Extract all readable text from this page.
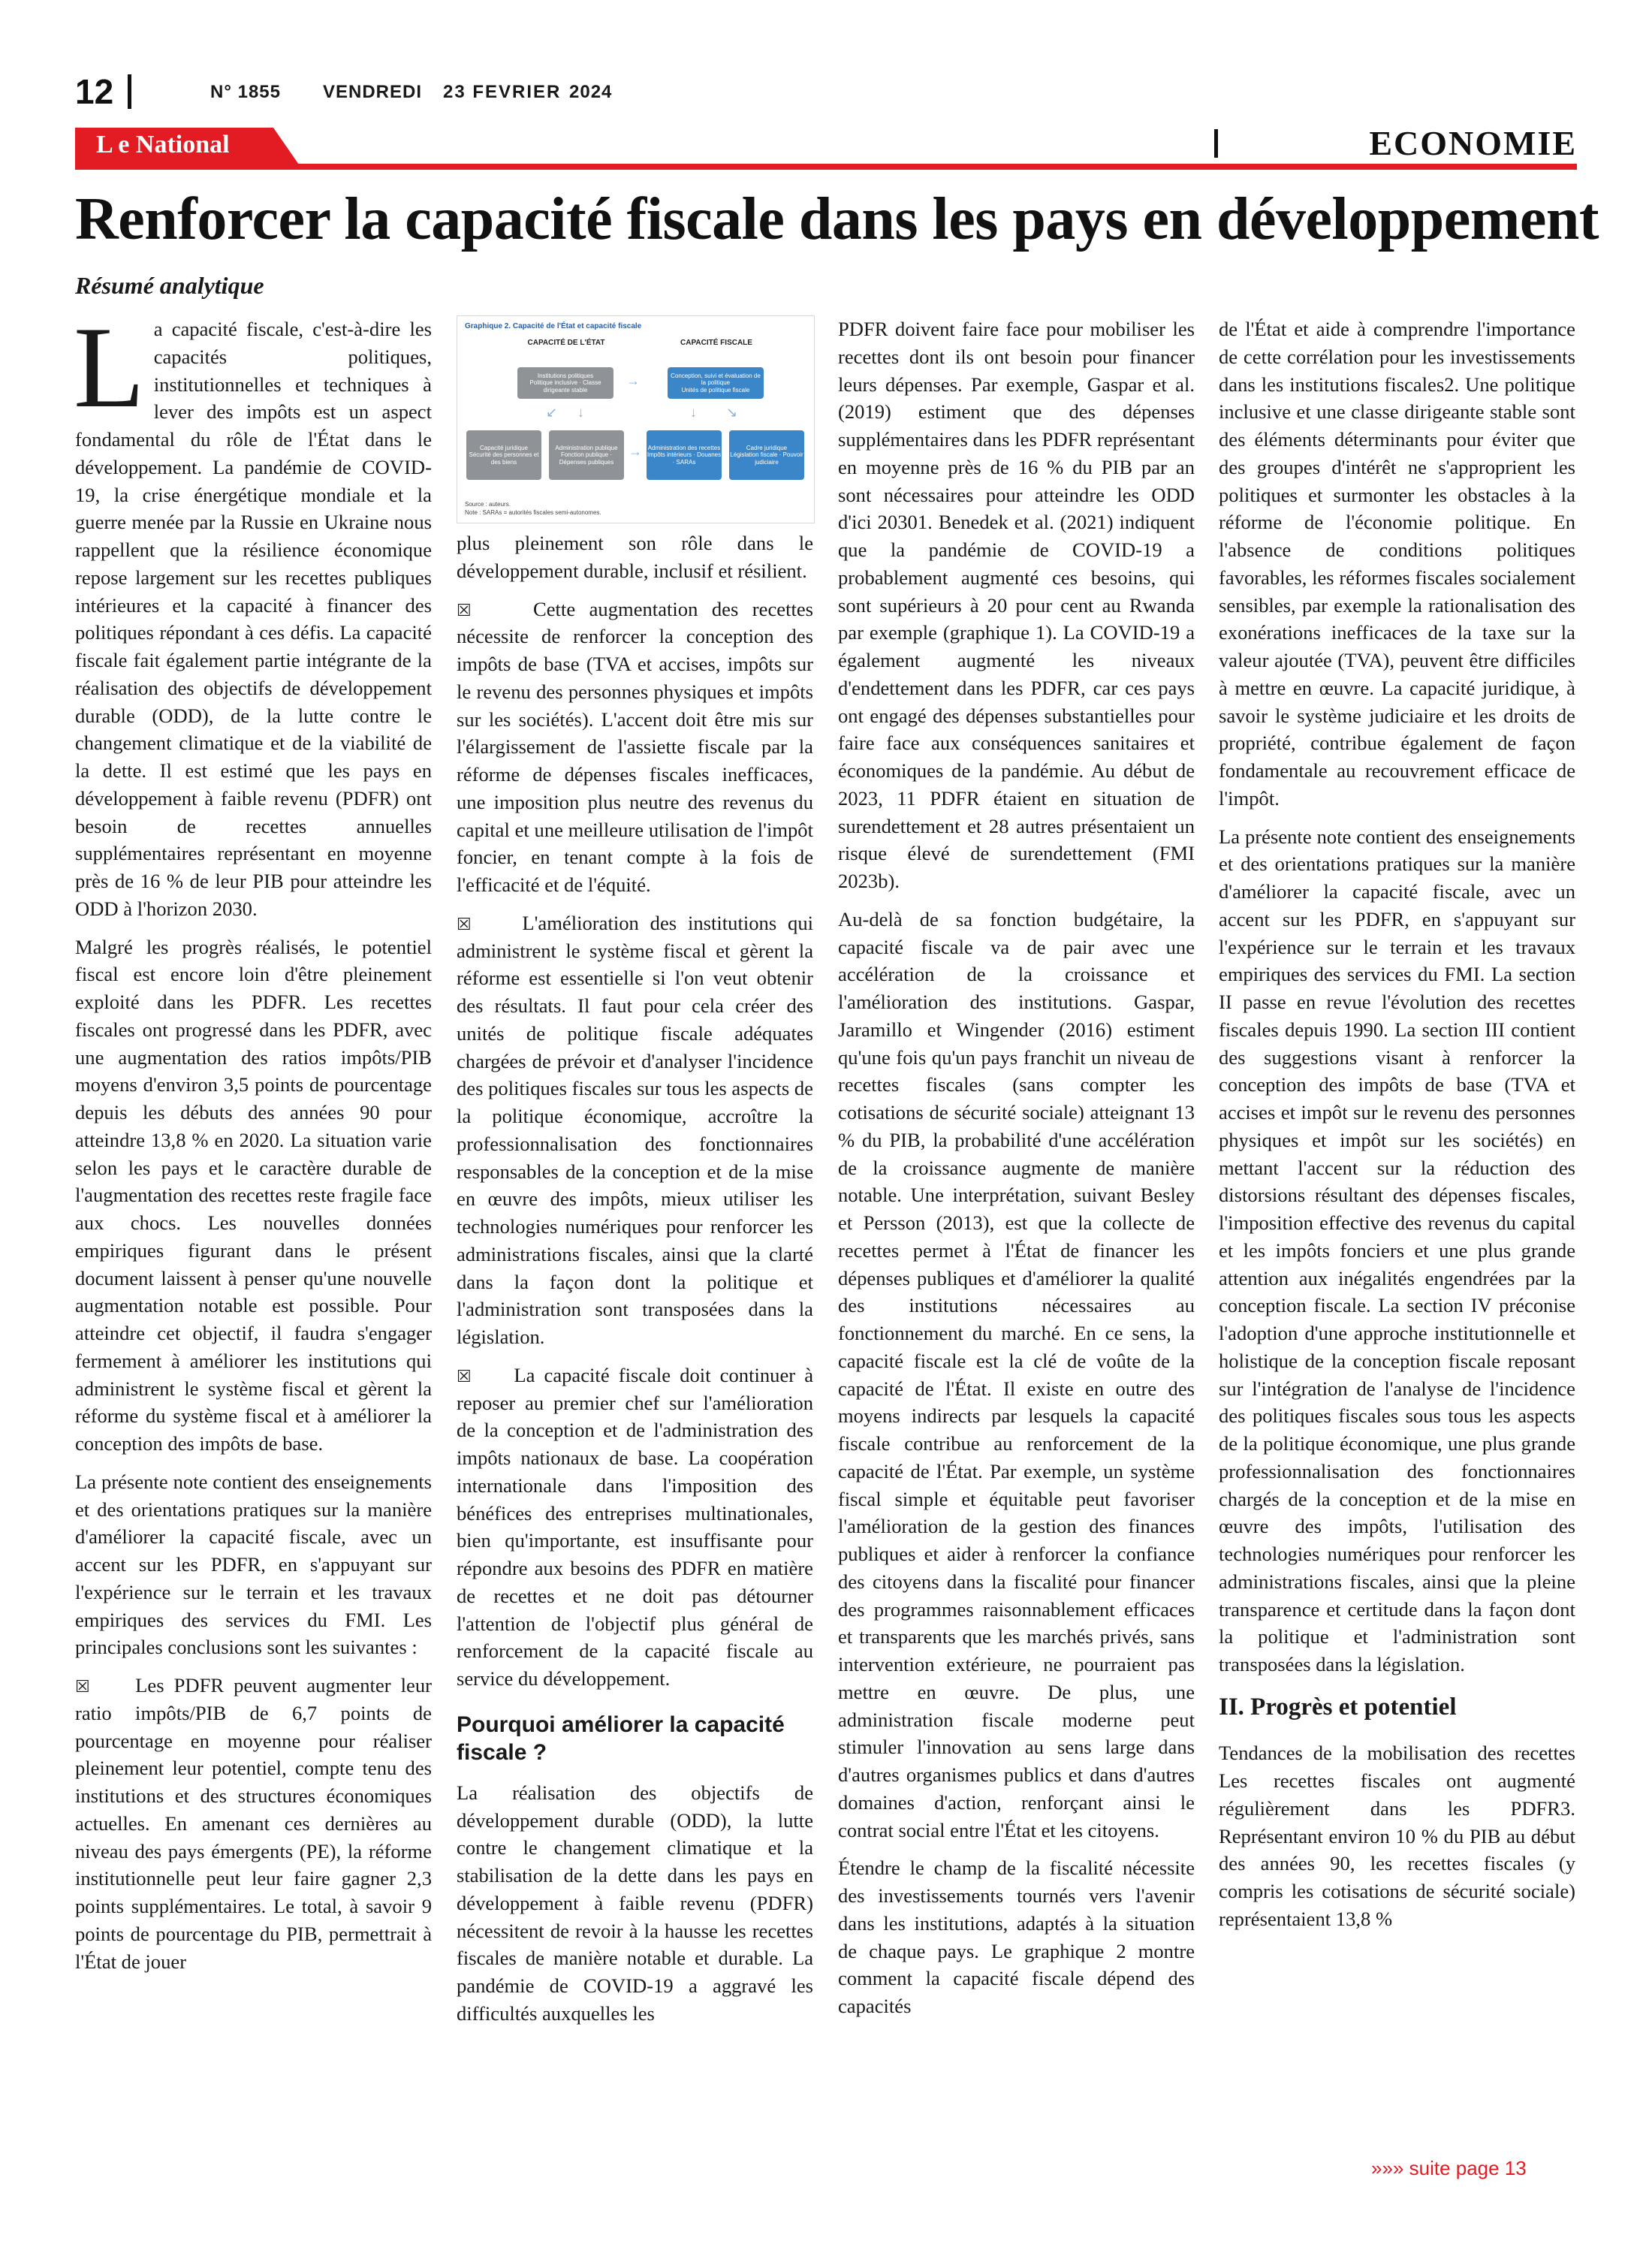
12	N° 1855 VENDREDI 23 FEVRIER 2024
L e National	ECONOMIE
Renforcer la capacité fiscale dans les pays en développement
Résumé analytique

La capacité fiscale, c'est-à-dire les capacités politiques, institutionnelles et techniques à lever des impôts est un aspect fondamental du rôle de l'État dans le développement. La pandémie de COVID-19, la crise énergétique mondiale et la guerre menée par la Russie en Ukraine nous rappellent que la résilience économique repose largement sur les recettes publiques intérieures et la capacité à financer des politiques répondant à ces défis. La capacité fiscale fait également partie intégrante de la réalisation des objectifs de développement durable (ODD), de la lutte contre le changement climatique et de la viabilité de la dette. Il est estimé que les pays en développement à faible revenu (PDFR) ont besoin de recettes annuelles supplémentaires représentant en moyenne près de 16 % de leur PIB pour atteindre les ODD à l'horizon 2030.

Malgré les progrès réalisés, le potentiel fiscal est encore loin d'être pleinement exploité dans les PDFR. Les recettes fiscales ont progressé dans les PDFR, avec une augmentation des ratios impôts/PIB moyens d'environ 3,5 points de pourcentage depuis les débuts des années 90 pour atteindre 13,8 % en 2020. La situation varie selon les pays et le caractère durable de l'augmentation des recettes reste fragile face aux chocs. Les nouvelles données empiriques figurant dans le présent document laissent à penser qu'une nouvelle augmentation notable est possible. Pour atteindre cet objectif, il faudra s'engager fermement à améliorer les institutions qui administrent le système fiscal et gèrent la réforme du système fiscal et à améliorer la conception des impôts de base.

La présente note contient des enseignements et des orientations pratiques sur la manière d'améliorer la capacité fiscale, avec un accent sur les PDFR, en s'appuyant sur l'expérience sur le terrain et les travaux empiriques des services du FMI. Les principales conclusions sont les suivantes :

☒ Les PDFR peuvent augmenter leur ratio impôts/PIB de 6,7 points de pourcentage en moyenne pour réaliser pleinement leur potentiel, compte tenu des institutions et des structures économiques actuelles. En amenant ces dernières au niveau des pays émergents (PE), la réforme institutionnelle peut leur faire gagner 2,3 points supplémentaires. Le total, à savoir 9 points de pourcentage du PIB, permettrait à l'État de jouer

Graphique 2. Capacité de l'État et capacité fiscale
CAPACITÉ DE L'ÉTAT	CAPACITÉ FISCALE
Institutions politiques
Politique inclusive · Classe dirigeante stable
Conception, suivi et évaluation de la politique
Unités de politique fiscale
→
↙ ↓	↓ ↘
Capacité juridique
Sécurité des personnes et des biens
Administration publique
Fonction publique · Dépenses publiques
Administration des recettes
Impôts intérieurs · Douanes · SARAs
Cadre juridique
Législation fiscale · Pouvoir judiciaire
→
Source : auteurs.
Note : SARAs = autorités fiscales semi-autonomes.

plus pleinement son rôle dans le développement durable, inclusif et résilient.

☒	Cette augmentation des recettes nécessite de renforcer la conception des impôts de base (TVA et accises, impôts sur le revenu des personnes physiques et impôts sur les sociétés). L'accent doit être mis sur l'élargissement de l'assiette fiscale par la réforme de dépenses fiscales inefficaces, une imposition plus neutre des revenus du capital et une meilleure utilisation de l'impôt foncier, en tenant compte à la fois de l'efficacité et de l'équité.

☒	L'amélioration des institutions qui administrent le système fiscal et gèrent la réforme est essentielle si l'on veut obtenir des résultats. Il faut pour cela créer des unités de politique fiscale adéquates chargées de prévoir et d'analyser l'incidence des politiques fiscales sur tous les aspects de la politique économique, accroître la professionnalisation des fonctionnaires responsables de la conception et de la mise en œuvre des impôts, mieux utiliser les technologies numériques pour renforcer les administrations fiscales, ainsi que la clarté dans la façon dont la politique et l'administration sont transposées dans la législation.

☒ La capacité fiscale doit continuer à reposer au premier chef sur l'amélioration de la conception et de l'administration des impôts nationaux de base. La coopération internationale dans l'imposition des bénéfices des entreprises multinationales, bien qu'importante, est insuffisante pour répondre aux besoins des PDFR en matière de recettes et ne doit pas détourner l'attention de l'objectif plus général de renforcement de la capacité fiscale au service du développement.

Pourquoi améliorer la capacité fiscale ?

La réalisation des objectifs de développement durable (ODD), la lutte contre le changement climatique et la stabilisation de la dette dans les pays en développement à faible revenu (PDFR) nécessitent de revoir à la hausse les recettes fiscales de manière notable et durable. La pandémie de COVID-19 a aggravé les difficultés auxquelles les

PDFR doivent faire face pour mobiliser les recettes dont ils ont besoin pour financer leurs dépenses. Par exemple, Gaspar et al. (2019) estiment que des dépenses supplémentaires dans les PDFR représentant en moyenne près de 16 % du PIB par an sont nécessaires pour atteindre les ODD d'ici 20301. Benedek et al. (2021) indiquent que la pandémie de COVID-19 a probablement augmenté ces besoins, qui sont supérieurs à 20 pour cent au Rwanda par exemple (graphique 1). La COVID-19 a également augmenté les niveaux d'endettement dans les PDFR, car ces pays ont engagé des dépenses substantielles pour faire face aux conséquences sanitaires et économiques de la pandémie. Au début de 2023, 11 PDFR étaient en situation de surendettement et 28 autres présentaient un risque élevé de surendettement (FMI 2023b).

Au-delà de sa fonction budgétaire, la capacité fiscale va de pair avec une accélération de la croissance et l'amélioration des institutions. Gaspar, Jaramillo et Wingender (2016) estiment qu'une fois qu'un pays franchit un niveau de recettes fiscales (sans compter les cotisations de sécurité sociale) atteignant 13 % du PIB, la probabilité d'une accélération de la croissance augmente de manière notable. Une interprétation, suivant Besley et Persson (2013), est que la collecte de recettes permet à l'État de financer les dépenses publiques et d'améliorer la qualité des institutions nécessaires au fonctionnement du marché. En ce sens, la capacité fiscale est la clé de voûte de la capacité de l'État. Il existe en outre des moyens indirects par lesquels la capacité fiscale contribue au renforcement de la capacité de l'État. Par exemple, un système fiscal simple et équitable peut favoriser l'amélioration de la gestion des finances publiques et aider à renforcer la confiance des citoyens dans la fiscalité pour financer des programmes raisonnablement efficaces et transparents que les marchés privés, sans intervention extérieure, ne pourraient pas mettre en œuvre. De plus, une administration fiscale moderne peut stimuler l'innovation au sens large dans d'autres organismes publics et dans d'autres domaines d'action, renforçant ainsi le contrat social entre l'État et les citoyens.

Étendre le champ de la fiscalité nécessite des investissements tournés vers l'avenir dans les institutions, adaptés à la situation de chaque pays. Le graphique 2 montre comment la capacité fiscale dépend des capacités

de l'État et aide à comprendre l'importance de cette corrélation pour les investissements dans les institutions fiscales2. Une politique inclusive et une classe dirigeante stable sont des éléments déterminants pour éviter que des groupes d'intérêt ne s'approprient les politiques et surmonter les obstacles à la réforme de l'économie politique. En l'absence de conditions politiques favorables, les réformes fiscales socialement sensibles, par exemple la rationalisation des exonérations inefficaces de la taxe sur la valeur ajoutée (TVA), peuvent être difficiles à mettre en œuvre. La capacité juridique, à savoir le système judiciaire et les droits de propriété, contribue également de façon fondamentale au recouvrement efficace de l'impôt.

La présente note contient des enseignements et des orientations pratiques sur la manière d'améliorer la capacité fiscale, avec un accent sur les PDFR, en s'appuyant sur l'expérience sur le terrain et les travaux empiriques des services du FMI. La section II passe en revue l'évolution des recettes fiscales depuis 1990. La section III contient des suggestions visant à renforcer la conception des impôts de base (TVA et accises et impôt sur le revenu des personnes physiques et impôt sur les sociétés) en mettant l'accent sur la réduction des distorsions résultant des dépenses fiscales, l'imposition effective des revenus du capital et les impôts fonciers et une plus grande attention aux inégalités engendrées par la conception fiscale. La section IV préconise l'adoption d'une approche institutionnelle et holistique de la conception fiscale reposant sur l'intégration de l'analyse de l'incidence des politiques fiscales sous tous les aspects de la politique économique, une plus grande professionnalisation des fonctionnaires chargés de la conception et de la mise en œuvre des impôts, l'utilisation des technologies numériques pour renforcer les administrations fiscales, ainsi que la pleine transparence et certitude dans la façon dont la politique et l'administration sont transposées dans la législation.

II. Progrès et potentiel

Tendances de la mobilisation des recettes Les recettes fiscales ont augmenté régulièrement dans les PDFR3. Représentant environ 10 % du PIB au début des années 90, les recettes fiscales (y compris les cotisations de sécurité sociale) représentaient 13,8 %

»»» suite page 13
